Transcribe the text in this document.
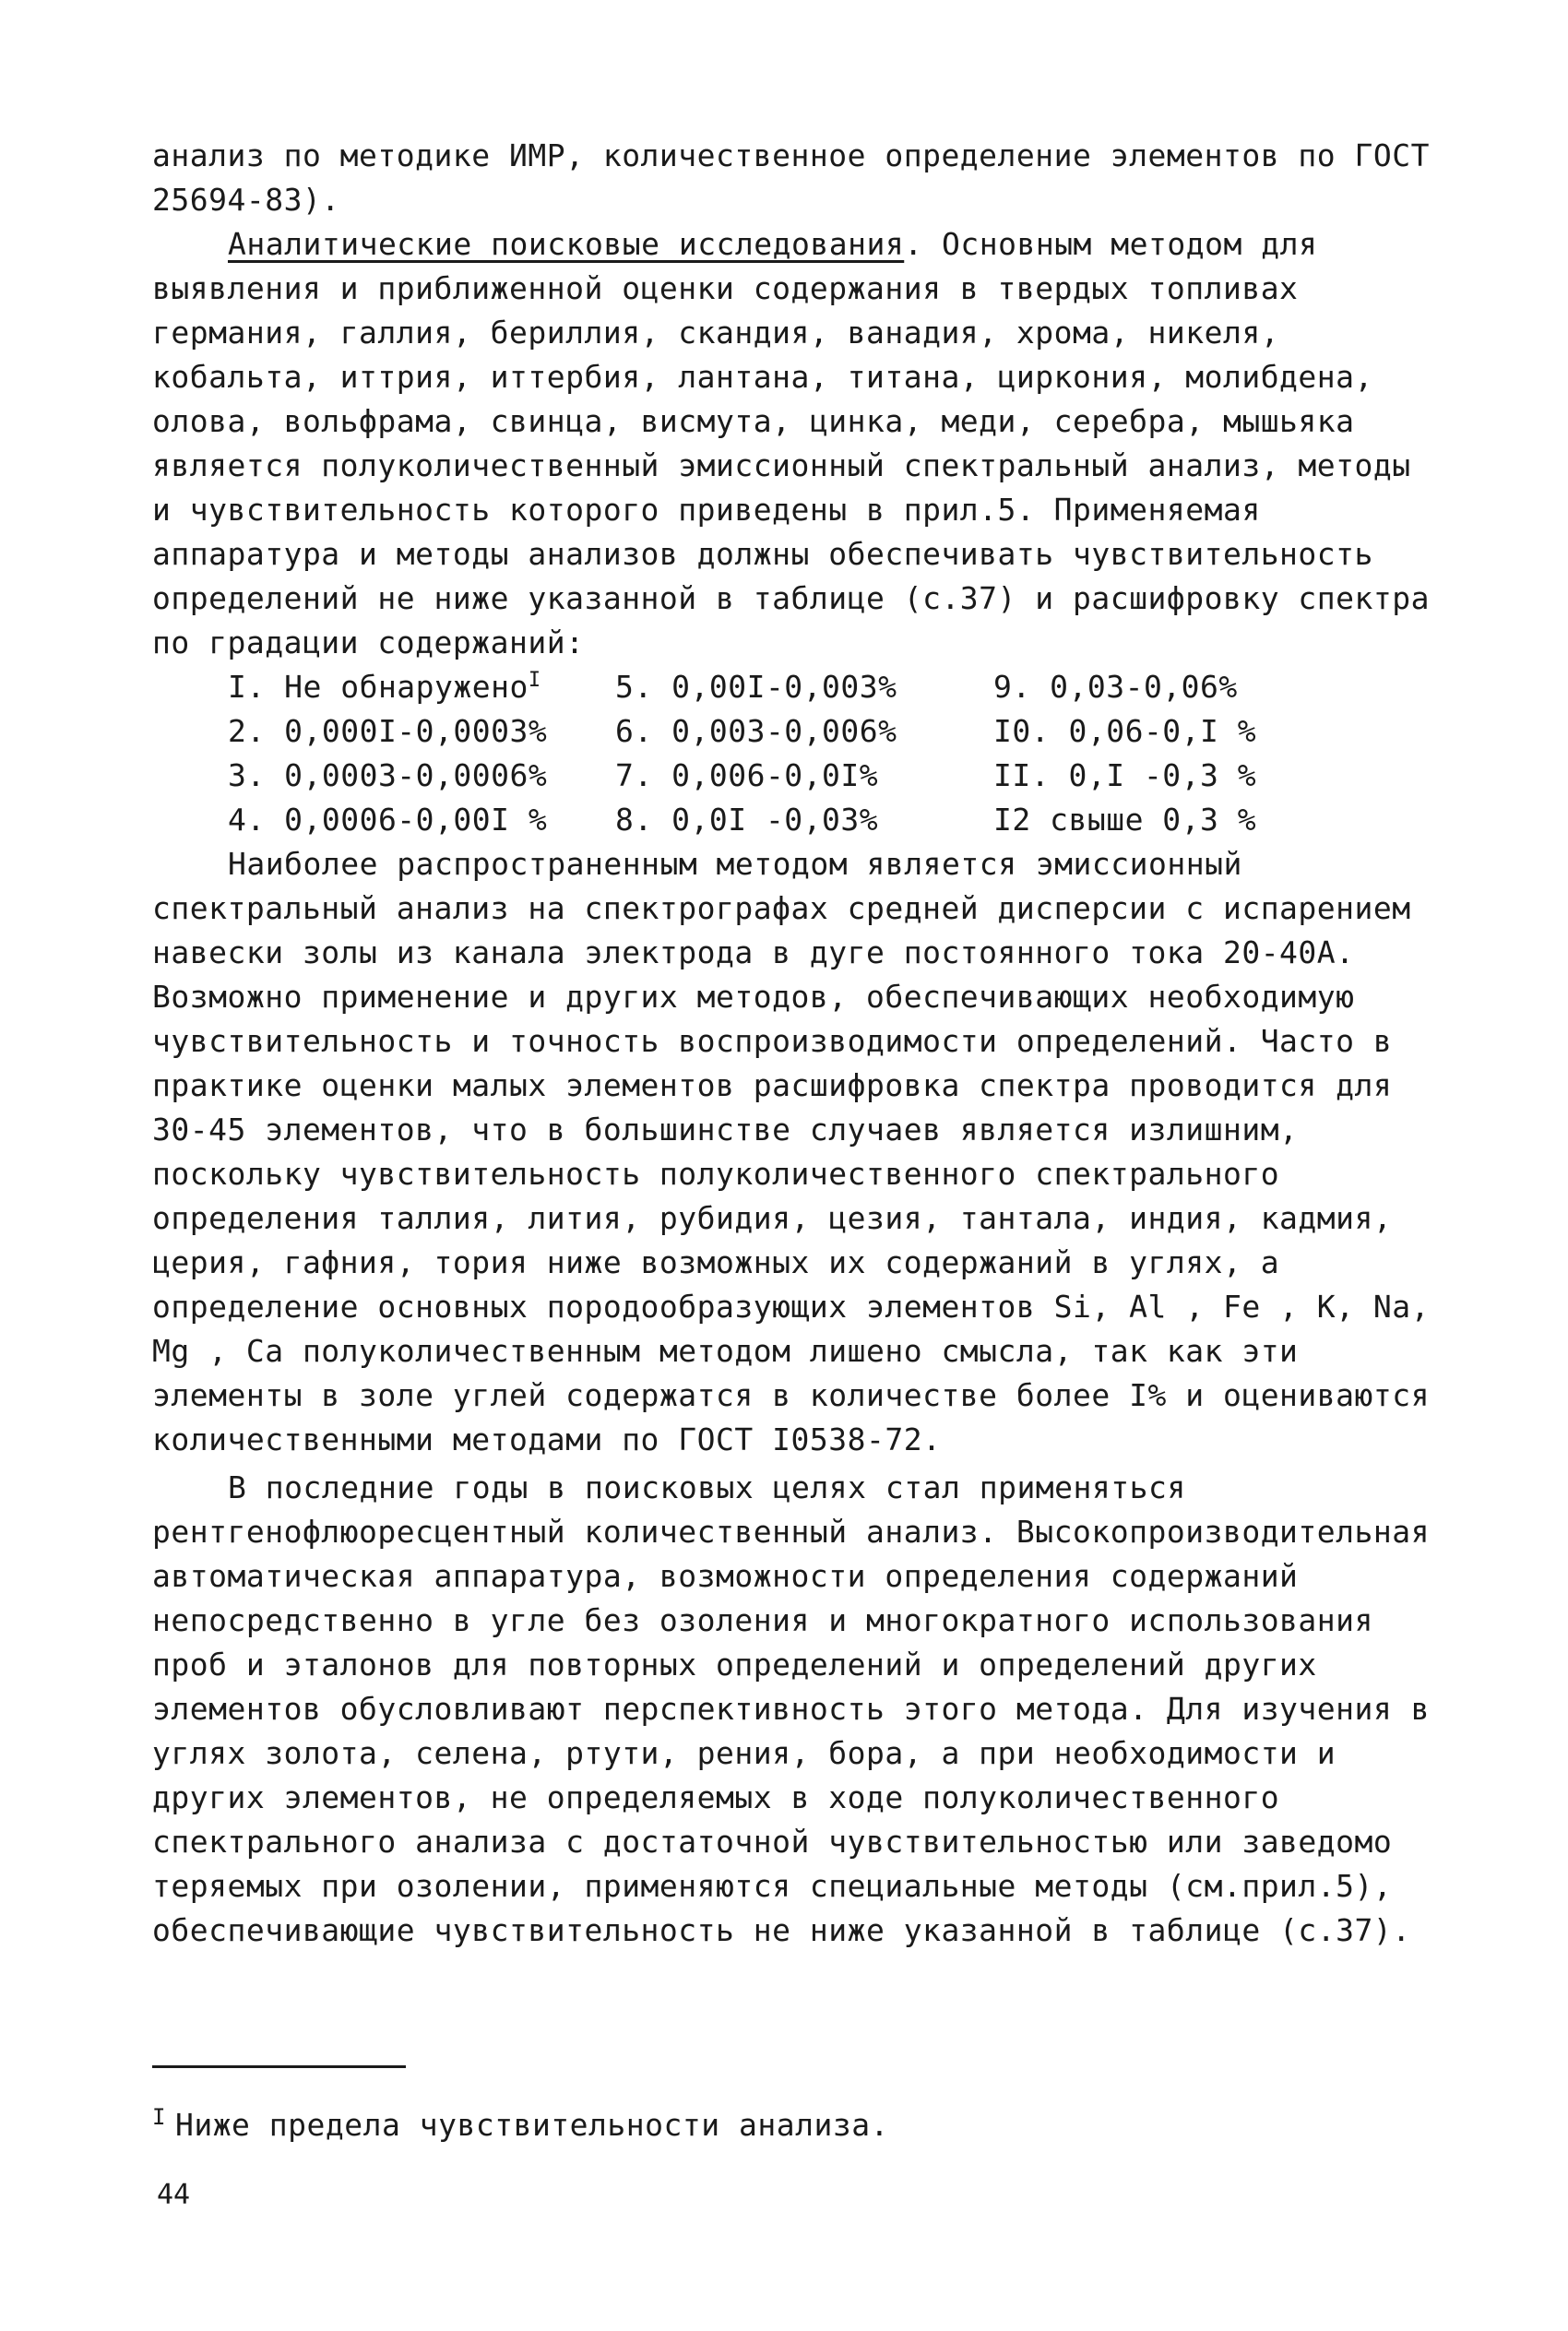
анализ по методике ИМР, количественное определение элементов по ГОСТ 25694-83).

Аналитические поисковые исследования. Основным методом для выявления и приближенной оценки содержания в твердых топливах германия, галлия, бериллия, скандия, ванадия, хрома, никеля, кобальта, иттрия, иттербия, лантана, титана, циркония, молибдена, олова, вольфрама, свинца, висмута, цинка, меди, серебра, мышьяка является полуколичественный эмиссионный спектральный анализ, методы и чувствительность которого приведены в прил.5. Применяемая аппаратура и методы анализов должны обеспечивать чувствительность определений не ниже указанной в таблице (с.37) и расшифровку спектра по градации содержаний:

I. Не обнаружено$^I$	5. 0,00I-0,003%	9. 0,03-0,06%
2. 0,000I-0,0003%	6. 0,003-0,006%	I0. 0,06-0,I %
3. 0,0003-0,0006%	7. 0,006-0,0I%	II. 0,I -0,3 %
4. 0,0006-0,00I %	8. 0,0I -0,03%	I2 свыше 0,3 %

Наиболее распространенным методом является эмиссионный спектральный анализ на спектрографах средней дисперсии с испарением навески золы из канала электрода в дуге постоянного тока 20-40А. Возможно применение и других методов, обеспечивающих необходимую чувствительность и точность воспроизводимости определений. Часто в практике оценки малых элементов расшифровка спектра проводится для 30-45 элементов, что в большинстве случаев является излишним, поскольку чувствительность полуколичественного спектрального определения таллия, лития, рубидия, цезия, тантала, индия, кадмия, церия, гафния, тория ниже возможных их содержаний в углях, а определение основных породообразующих элементов Si, Al , Fe , K, Na, Mg , Ca полуколичественным методом лишено смысла, так как эти элементы в золе углей содержатся в количестве более I% и оцениваются количественными методами по ГОСТ I0538-72.

В последние годы в поисковых целях стал применяться рентгенофлюоресцентный количественный анализ. Высокопроизводительная автоматическая аппаратура, возможности определения содержаний непосредственно в угле без озоления и многократного использования проб и эталонов для повторных определений и определений других элементов обусловливают перспективность этого метода. Для изучения в углях золота, селена, ртути, рения, бора, а при необходимости и других элементов, не определяемых в ходе полуколичественного спектрального анализа с достаточной чувствительностью или заведомо теряемых при озолении, применяются специальные методы (см.прил.5), обеспечивающие чувствительность не ниже указанной в таблице (с.37).

$^I$ Ниже предела чувствительности анализа.
44
